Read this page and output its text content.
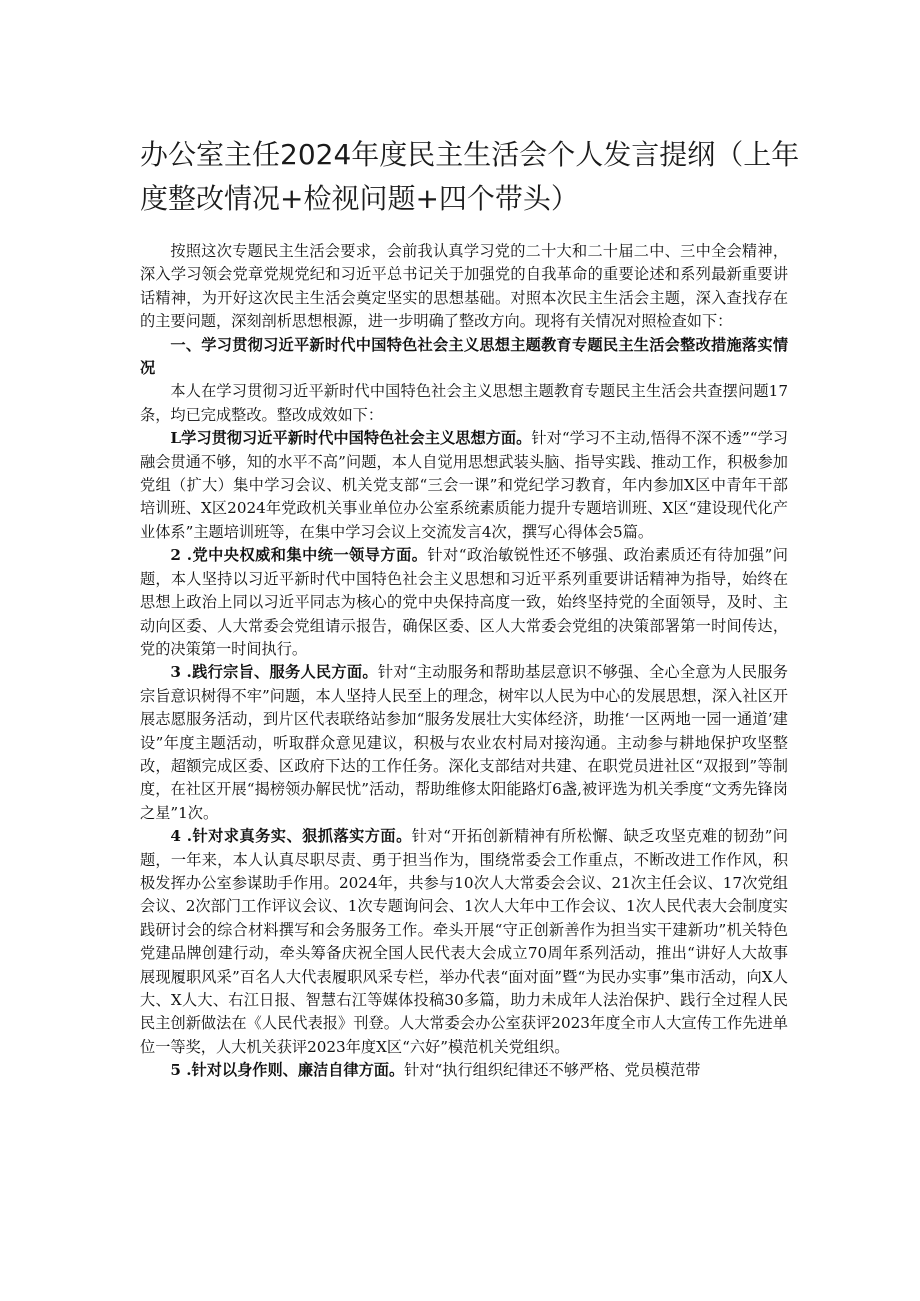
办公室主任2024年度民主生活会个人发言提纲（上年度整改情况+检视问题+四个带头）

按照这次专题民主生活会要求，会前我认真学习党的二十大和二十届二中、三中全会精神，深入学习领会党章党规党纪和习近平总书记关于加强党的自我革命的重要论述和系列最新重要讲话精神，为开好这次民主生活会奠定坚实的思想基础。对照本次民主生活会主题，深入查找存在的主要问题，深刻剖析思想根源，进一步明确了整改方向。现将有关情况对照检查如下：

一、学习贯彻习近平新时代中国特色社会主义思想主题教育专题民主生活会整改措施落实情况

本人在学习贯彻习近平新时代中国特色社会主义思想主题教育专题民主生活会共查摆问题17条，均已完成整改。整改成效如下：

L学习贯彻习近平新时代中国特色社会主义思想方面。针对“学习不主动,悟得不深不透”“学习融会贯通不够，知的水平不高”问题，本人自觉用思想武装头脑、指导实践、推动工作，积极参加党组（扩大）集中学习会议、机关党支部“三会一课”和党纪学习教育，年内参加X区中青年干部培训班、X区2024年党政机关事业单位办公室系统素质能力提升专题培训班、X区“建设现代化产业体系”主题培训班等，在集中学习会议上交流发言4次，撰写心得体会5篇。

2 .党中央权威和集中统一领导方面。针对“政治敏锐性还不够强、政治素质还有待加强”问题，本人坚持以习近平新时代中国特色社会主义思想和习近平系列重要讲话精神为指导，始终在思想上政治上同以习近平同志为核心的党中央保持高度一致，始终坚持党的全面领导，及时、主动向区委、人大常委会党组请示报告，确保区委、区人大常委会党组的决策部署第一时间传达，党的决策第一时间执行。

3 .践行宗旨、服务人民方面。针对“主动服务和帮助基层意识不够强、全心全意为人民服务宗旨意识树得不牢”问题，本人坚持人民至上的理念，树牢以人民为中心的发展思想，深入社区开展志愿服务活动，到片区代表联络站参加“服务发展壮大实体经济，助推‘一区两地一园一通道’建设”年度主题活动，听取群众意见建议，积极与农业农村局对接沟通。主动参与耕地保护攻坚整改，超额完成区委、区政府下达的工作任务。深化支部结对共建、在职党员进社区“双报到”等制度，在社区开展“揭榜领办解民忧”活动，帮助维修太阳能路灯6盏,被评选为机关季度“文秀先锋岗之星”1次。

4 .针对求真务实、狠抓落实方面。针对“开拓创新精神有所松懈、缺乏攻坚克难的韧劲”问题，一年来，本人认真尽职尽责、勇于担当作为，围绕常委会工作重点，不断改进工作作风，积极发挥办公室参谋助手作用。2024年，共参与10次人大常委会会议、21次主任会议、17次党组会议、2次部门工作评议会议、1次专题询问会、1次人大年中工作会议、1次人民代表大会制度实践研讨会的综合材料撰写和会务服务工作。牵头开展“守正创新善作为担当实干建新功”机关特色党建品牌创建行动，牵头筹备庆祝全国人民代表大会成立70周年系列活动，推出“讲好人大故事展现履职风采”百名人大代表履职风采专栏，举办代表“面对面”暨“为民办实事”集市活动，向X人大、X人大、右江日报、智慧右江等媒体投稿30多篇，助力未成年人法治保护、践行全过程人民民主创新做法在《人民代表报》刊登。人大常委会办公室获评2023年度全市人大宣传工作先进单位一等奖，人大机关获评2023年度X区“六好”模范机关党组织。

5 .针对以身作则、廉洁自律方面。针对“执行组织纪律还不够严格、党员模范带
